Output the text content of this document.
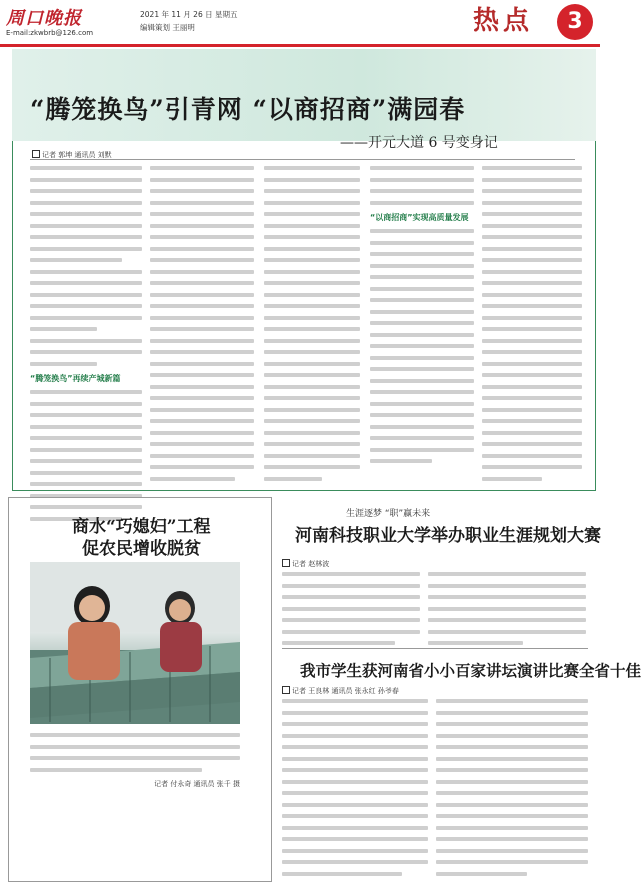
周口晚报
E-mail:zkwbrb@126.com
2021 年 11 月 26 日 星期五
编辑策划 王丽明	热点	3
“腾笼换鸟”引青网 “以商招商”满园春
——开元大道 6 号变身记
记者 郭坤 通讯员 刘默
“腾笼换鸟”再续产城新篇
“以商招商”实现高质量发展
商水“巧媳妇”工程
促农民增收脱贫
记者 付永奇 通讯员 张千 摄
生涯逐梦 “职”赢未来
河南科技职业大学举办职业生涯规划大赛
记者 赵林波
我市学生获河南省小小百家讲坛演讲比赛全省十佳
记者 王良林 通讯员 张永红 孙爷春
